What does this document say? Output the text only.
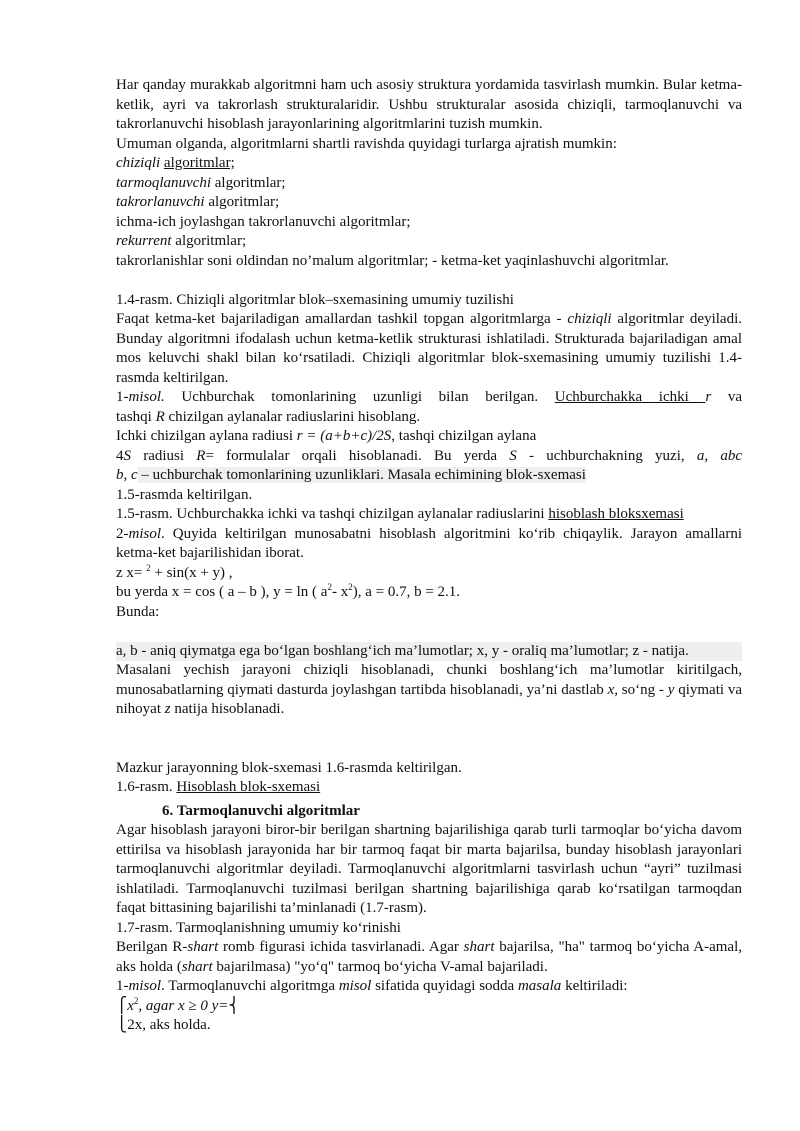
Har qanday murakkab algoritmni ham uch asosiy struktura yordamida tasvirlash mumkin. Bular ketma-ketlik, ayri va takrorlash strukturalaridir. Ushbu strukturalar asosida chiziqli, tarmoqlanuvchi va takrorlanuvchi hisoblash jarayonlarining algoritmlarini tuzish mumkin.
Umuman olganda, algoritmlarni shartli ravishda quyidagi turlarga ajratish mumkin:
chiziqli algoritmlar;
tarmoqlanuvchi algoritmlar;
takrorlanuvchi algoritmlar;
ichma-ich joylashgan takrorlanuvchi algoritmlar;
rekurrent algoritmlar;
takrorlanishlar soni oldindan no’malum algoritmlar; - ketma-ket yaqinlashuvchi algoritmlar.
1.4-rasm. Chiziqli algoritmlar blok–sxemasining umumiy tuzilishi
Faqat ketma-ket bajariladigan amallardan tashkil topgan algoritmlarga - chiziqli algoritmlar deyiladi. Bunday algoritmni ifodalash uchun ketma-ketlik strukturasi ishlatiladi. Strukturada bajariladigan amal mos keluvchi shakl bilan ko‘rsatiladi. Chiziqli algoritmlar blok-sxemasining umumiy tuzilishi 1.4-rasmda keltirilgan.
1-misol. Uchburchak tomonlarining uzunligi bilan berilgan. Uchburchakka ichki r va
tashqi R chizilgan aylanalar radiuslarini hisoblang.
Ichki chizilgan aylana radiusi r = (a+b+c)/2S, tashqi chizilgan aylana
4S radiusi R= formulalar orqali hisoblanadi. Bu yerda S - uchburchakning yuzi, a, abc
b, c – uchburchak tomonlarining uzunliklari. Masala echimining blok-sxemasi
1.5-rasmda keltirilgan.
1.5-rasm. Uchburchakka ichki va tashqi chizilgan aylanalar radiuslarini hisoblash bloksxemasi
2-misol. Quyida keltirilgan munosabatni hisoblash algoritmini ko‘rib chiqaylik. Jarayon amallarni ketma-ket bajarilishidan iborat.
z x= $^2$ + sin(x + y) ,
bu yerda x = cos ( a – b ), y = ln ( $a^2-$ $x^2$), a = 0.7, b = 2.1.
Bunda:
a, b - aniq qiymatga ega bo‘lgan boshlang‘ich ma’lumotlar; x, y - oraliq ma’lumotlar; z - natija.
Masalani yechish jarayoni chiziqli hisoblanadi, chunki boshlang‘ich ma’lumotlar kiritilgach, munosabatlarning qiymati dasturda joylashgan tartibda hisoblanadi, ya’ni dastlab x, so‘ng - y qiymati va nihoyat z natija hisoblanadi.
Mazkur jarayonning blok-sxemasi 1.6-rasmda keltirilgan.
1.6-rasm. Hisoblash blok-sxemasi
6. Tarmoqlanuvchi algoritmlar
Agar hisoblash jarayoni biror-bir berilgan shartning bajarilishiga qarab turli tarmoqlar bo‘yicha davom ettirilsa va hisoblash jarayonida har bir tarmoq faqat bir marta bajarilsa, bunday hisoblash jarayonlari tarmoqlanuvchi algoritmlar deyiladi. Tarmoqlanuvchi algoritmlarni tasvirlash uchun “ayri” tuzilmasi ishlatiladi. Tarmoqlanuvchi tuzilmasi berilgan shartning bajarilishiga qarab ko‘rsatilgan tarmoqdan faqat bittasining bajarilishi ta’minlanadi (1.7-rasm).
1.7-rasm. Tarmoqlanishning umumiy ko‘rinishi
Berilgan R-shart romb figurasi ichida tasvirlanadi. Agar shart bajarilsa, "ha" tarmoq bo‘yicha A-amal, aks holda (shart bajarilmasa) "yo‘q" tarmoq bo‘yicha V-amal bajariladi.
1-misol. Tarmoqlanuvchi algoritmga misol sifatida quyidagi sodda masala keltiriladi:
$⎧x^2$, agar x ≥ 0 y=⎨
⎩2x, aks holda.
